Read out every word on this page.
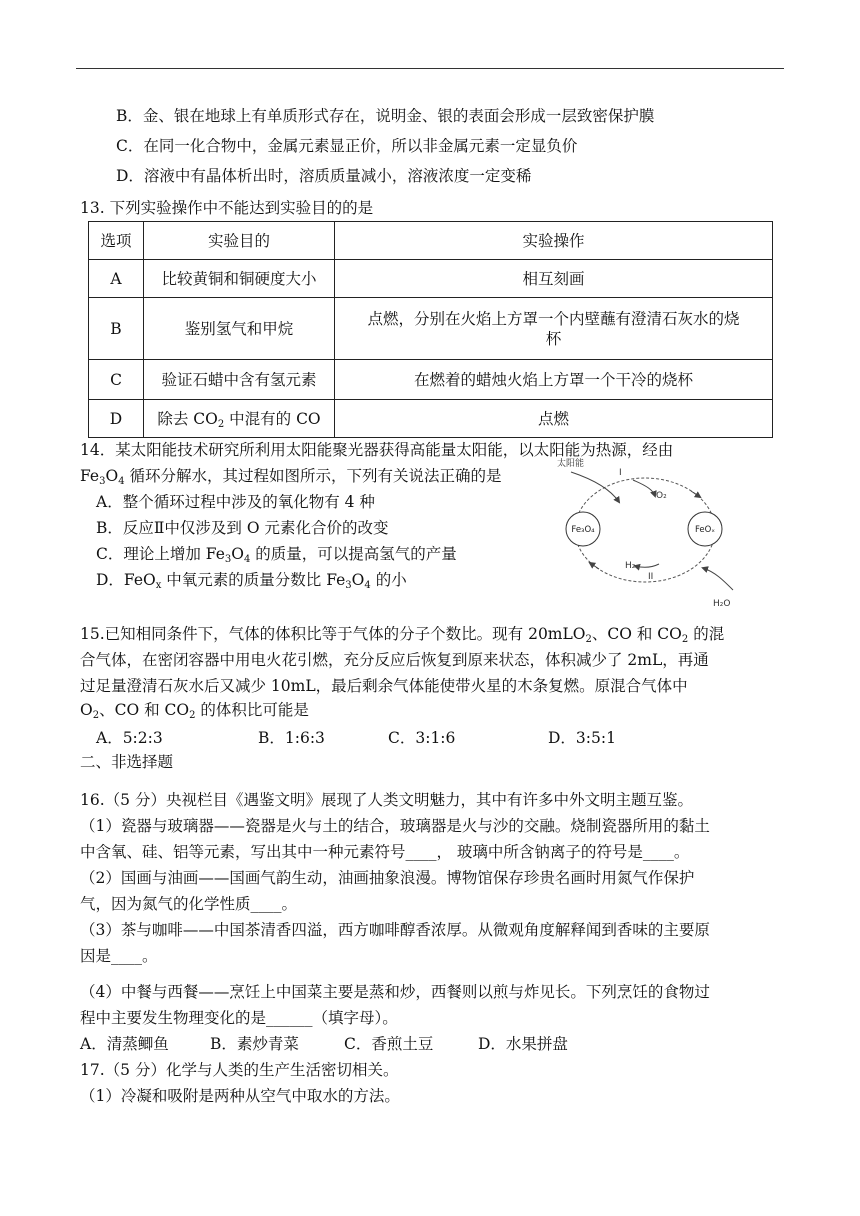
B．金、银在地球上有单质形式存在，说明金、银的表面会形成一层致密保护膜
C．在同一化合物中，金属元素显正价，所以非金属元素一定显负价
D．溶液中有晶体析出时，溶质质量减小，溶液浓度一定变稀
13. 下列实验操作中不能达到实验目的的是
选项	实验目的	实验操作
A	比较黄铜和铜硬度大小	相互刻画
B	鉴别氢气和甲烷	点燃，分别在火焰上方罩一个内壁蘸有澄清石灰水的烧
杯

C	验证石蜡中含有氢元素	在燃着的蜡烛火焰上方罩一个干冷的烧杯
D	除去 $CO_2$ 中混有的 CO	点燃
14．某太阳能技术研究所利用太阳能聚光器获得高能量太阳能，以太阳能为热源，经由
$Fe_3O_4$ 循环分解水，其过程如图所示，下列有关说法正确的是
A．整个循环过程中涉及的氧化物有 4 种
B．反应Ⅱ中仅涉及到 O 元素化合价的改变
C．理论上增加 $Fe_3O_4$ 的质量，可以提高氢气的产量
D．FeO$_x$ 中氧元素的质量分数比 $Fe_3O_4$ 的小
太阳能
I
O₂
Fe₃O₄	FeOₓ
H₂
II
H₂O
15.已知相同条件下，气体的体积比等于气体的分子个数比。现有 20mLO$_2$、CO 和 $CO_2$ 的混
合气体，在密闭容器中用电火花引燃，充分反应后恢复到原来状态，体积减少了 2mL，再通
过足量澄清石灰水后又减少 10mL，最后剩余气体能使带火星的木条复燃。原混合气体中
$O_2$、CO 和 $CO_2$ 的体积比可能是
A．5:2:3	B．1:6:3	C．3:1:6	D．3:5:1
二、非选择题
16.（5 分）央视栏目《遇鉴文明》展现了人类文明魅力，其中有许多中外文明主题互鉴。
（1）瓷器与玻璃器——瓷器是火与土的结合，玻璃器是火与沙的交融。烧制瓷器所用的黏土
中含氧、硅、铝等元素，写出其中一种元素符号____， 玻璃中所含钠离子的符号是____。
（2）国画与油画——国画气韵生动，油画抽象浪漫。博物馆保存珍贵名画时用氮气作保护
气，因为氮气的化学性质____。
（3）茶与咖啡——中国茶清香四溢，西方咖啡醇香浓厚。从微观角度解释闻到香味的主要原
因是____。
（4）中餐与西餐——烹饪上中国菜主要是蒸和炒，西餐则以煎与炸见长。下列烹饪的食物过
程中主要发生物理变化的是______（填字母）。
A．清蒸鲫鱼	B．素炒青菜	C．香煎土豆	D．水果拼盘
17.（5 分）化学与人类的生产生活密切相关。
（1）冷凝和吸附是两种从空气中取水的方法。
